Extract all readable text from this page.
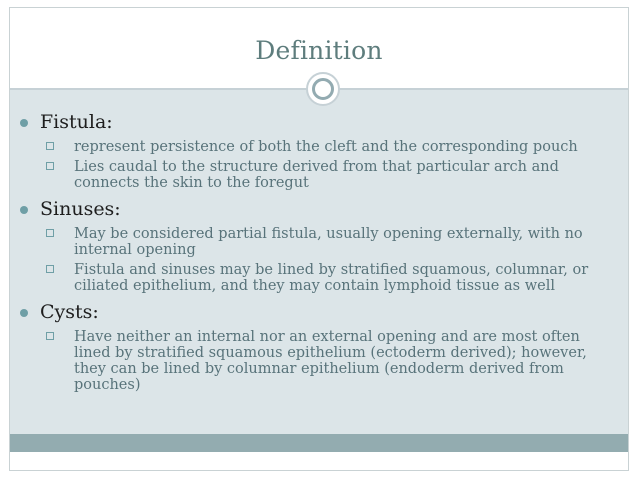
Definition
Fistula:
represent persistence of both the cleft and the corresponding pouch
Lies caudal to the structure derived from that particular arch and connects the skin to the foregut
Sinuses:
May be considered partial fistula, usually opening externally, with no internal opening
Fistula and sinuses may be lined by stratified squamous, columnar, or ciliated epithelium, and they may contain lymphoid tissue as well
Cysts:
Have neither an internal nor an external opening and are most often lined by stratified squamous epithelium (ectoderm derived); however, they can be lined by columnar epithelium (endoderm derived from pouches)
